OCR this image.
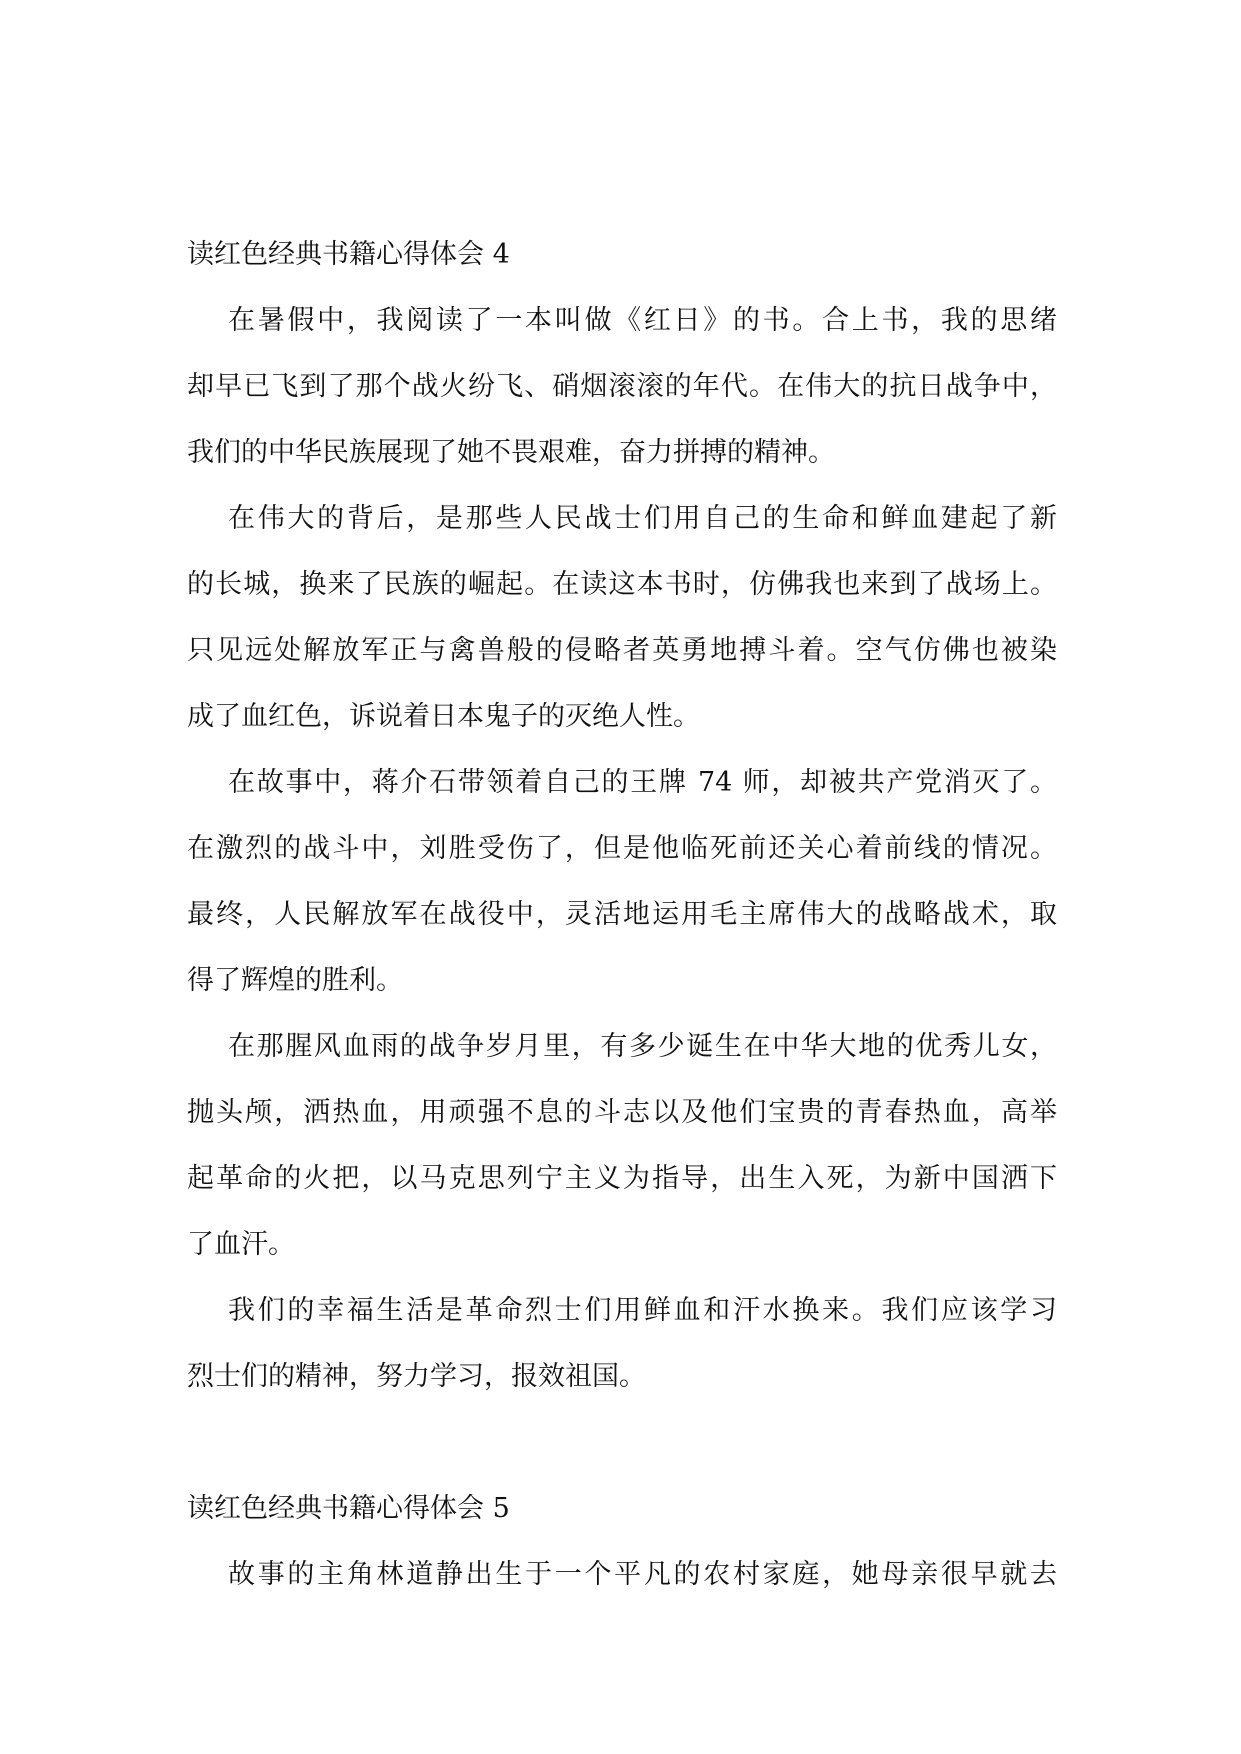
读红色经典书籍心得体会 4

在暑假中，我阅读了一本叫做《红日》的书。合上书，我的思绪
却早已飞到了那个战火纷飞、硝烟滚滚的年代。在伟大的抗日战争中，
我们的中华民族展现了她不畏艰难，奋力拼搏的精神。

在伟大的背后，是那些人民战士们用自己的生命和鲜血建起了新
的长城，换来了民族的崛起。在读这本书时，仿佛我也来到了战场上。
只见远处解放军正与禽兽般的侵略者英勇地搏斗着。空气仿佛也被染
成了血红色，诉说着日本鬼子的灭绝人性。

在故事中，蒋介石带领着自己的王牌 74 师，却被共产党消灭了。
在激烈的战斗中，刘胜受伤了，但是他临死前还关心着前线的情况。
最终，人民解放军在战役中，灵活地运用毛主席伟大的战略战术，取
得了辉煌的胜利。

在那腥风血雨的战争岁月里，有多少诞生在中华大地的优秀儿女，
抛头颅，洒热血，用顽强不息的斗志以及他们宝贵的青春热血，高举
起革命的火把，以马克思列宁主义为指导，出生入死，为新中国洒下
了血汗。

我们的幸福生活是革命烈士们用鲜血和汗水换来。我们应该学习
烈士们的精神，努力学习，报效祖国。

读红色经典书籍心得体会 5

故事的主角林道静出生于一个平凡的农村家庭，她母亲很早就去
